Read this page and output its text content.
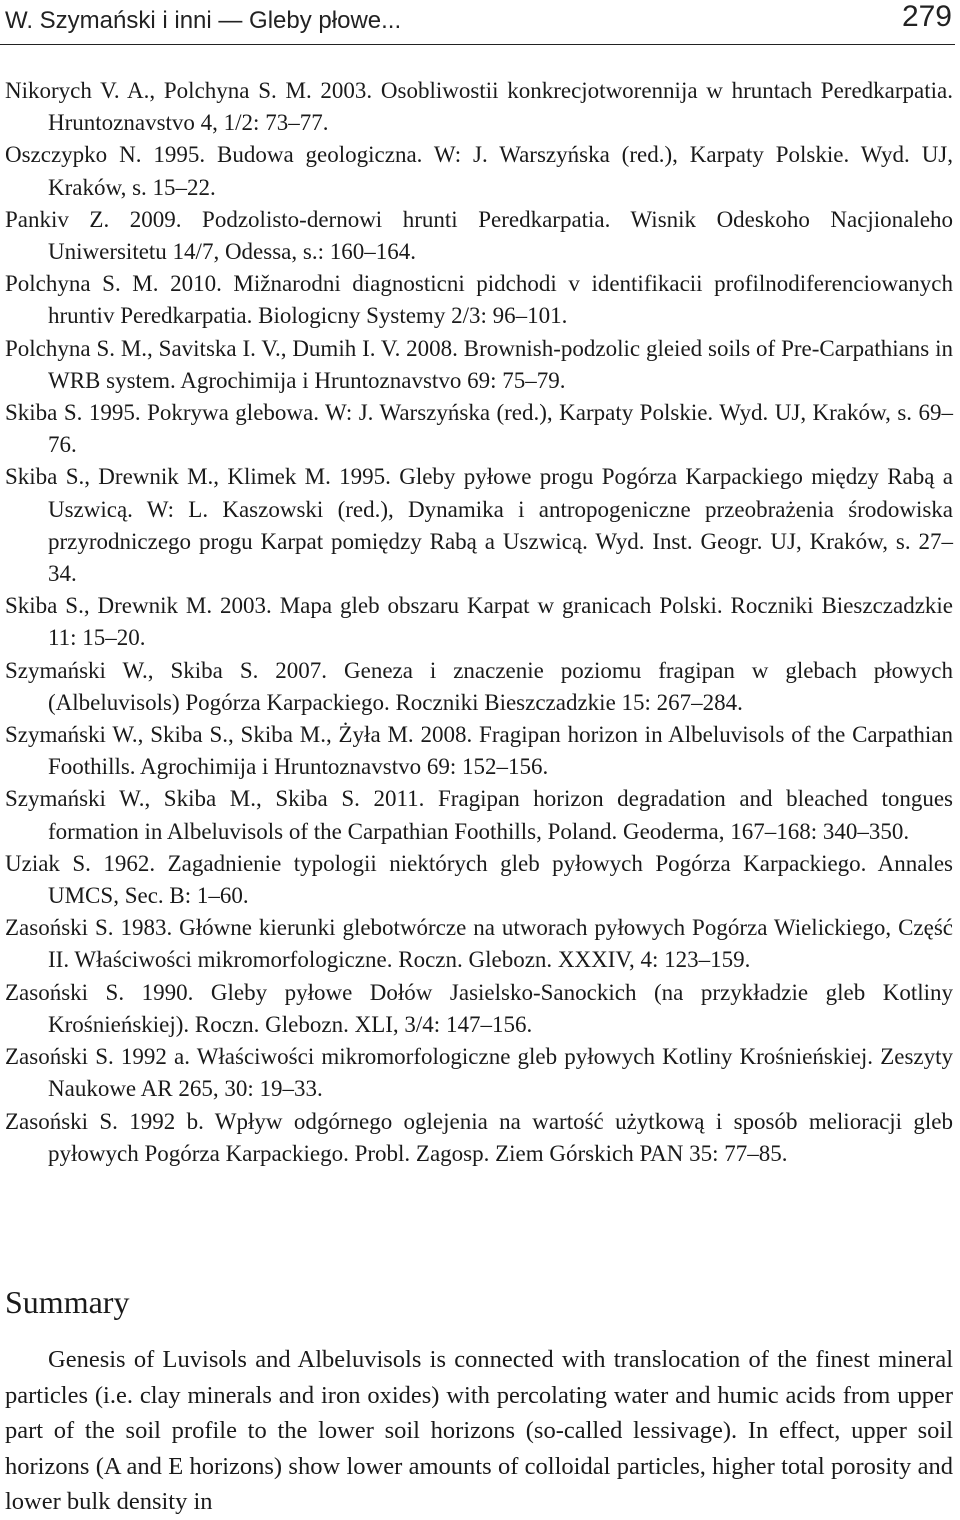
W. Szymański i inni — Gleby płowe...	279

Nikorych V. A., Polchyna S. M. 2003. Osobliwostii konkrecjotworennija w hruntach Peredkarpatia. Hruntoznavstvo 4, 1/2: 73–77.

Oszczypko N. 1995. Budowa geologiczna. W: J. Warszyńska (red.), Karpaty Polskie. Wyd. UJ, Kraków, s. 15–22.

Pankiv Z. 2009. Podzolisto-dernowi hrunti Peredkarpatia. Wisnik Odeskoho Nacjionaleho Uniwersitetu 14/7, Odessa, s.: 160–164.

Polchyna S. M. 2010. Mižnarodni diagnosticni pidchodi v identifikacii profilnodiferenciowanych hruntiv Peredkarpatia. Biologicny Systemy 2/3: 96–101.

Polchyna S. M., Savitska I. V., Dumih I. V. 2008. Brownish-podzolic gleied soils of Pre-Carpathians in WRB system. Agrochimija i Hruntoznavstvo 69: 75–79.

Skiba S. 1995. Pokrywa glebowa. W: J. Warszyńska (red.), Karpaty Polskie. Wyd. UJ, Kraków, s. 69–76.

Skiba S., Drewnik M., Klimek M. 1995. Gleby pyłowe progu Pogórza Karpackiego między Rabą a Uszwicą. W: L. Kaszowski (red.), Dynamika i antropogeniczne przeobrażenia środowiska przyrodniczego progu Karpat pomiędzy Rabą a Uszwicą. Wyd. Inst. Geogr. UJ, Kraków, s. 27–34.

Skiba S., Drewnik M. 2003. Mapa gleb obszaru Karpat w granicach Polski. Roczniki Bieszczadzkie 11: 15–20.

Szymański W., Skiba S. 2007. Geneza i znaczenie poziomu fragipan w glebach płowych (Albeluvisols) Pogórza Karpackiego. Roczniki Bieszczadzkie 15: 267–284.

Szymański W., Skiba S., Skiba M., Żyła M. 2008. Fragipan horizon in Albeluvisols of the Carpathian Foothills. Agrochimija i Hruntoznavstvo 69: 152–156.

Szymański W., Skiba M., Skiba S. 2011. Fragipan horizon degradation and bleached tongues formation in Albeluvisols of the Carpathian Foothills, Poland. Geoderma, 167–168: 340–350.

Uziak S. 1962. Zagadnienie typologii niektórych gleb pyłowych Pogórza Karpackiego. Annales UMCS, Sec. B: 1–60.

Zasoński S. 1983. Główne kierunki glebotwórcze na utworach pyłowych Pogórza Wielickiego, Część II. Właściwości mikromorfologiczne. Roczn. Glebozn. XXXIV, 4: 123–159.

Zasoński S. 1990. Gleby pyłowe Dołów Jasielsko-Sanockich (na przykładzie gleb Kotliny Krośnieńskiej). Roczn. Glebozn. XLI, 3/4: 147–156.

Zasoński S. 1992 a. Właściwości mikromorfologiczne gleb pyłowych Kotliny Krośnieńskiej. Zeszyty Naukowe AR 265, 30: 19–33.

Zasoński S. 1992 b. Wpływ odgórnego oglejenia na wartość użytkową i sposób melioracji gleb pyłowych Pogórza Karpackiego. Probl. Zagosp. Ziem Górskich PAN 35: 77–85.

Summary

Genesis of Luvisols and Albeluvisols is connected with translocation of the finest mineral particles (i.e. clay minerals and iron oxides) with percolating water and humic acids from upper part of the soil profile to the lower soil horizons (so-called lessivage). In effect, upper soil horizons (A and E horizons) show lower amounts of colloidal particles, higher total porosity and lower bulk density in
